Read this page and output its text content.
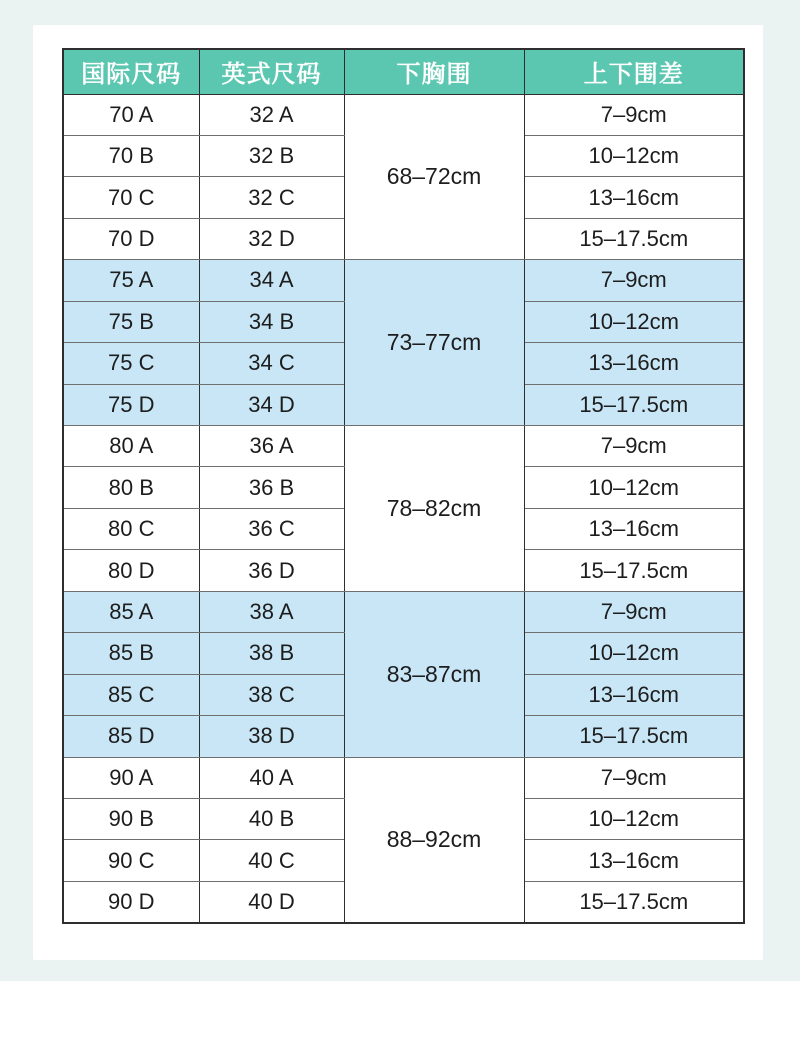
国际尺码	英式尺码	下胸围	上下围差
70 A	32 A	68–72cm	7–9cm
70 B	32 B		10–12cm
70 C	32 C		13–16cm
70 D	32 D		15–17.5cm
75 A	34 A	73–77cm	7–9cm
75 B	34 B		10–12cm
75 C	34 C		13–16cm
75 D	34 D		15–17.5cm
80 A	36 A	78–82cm	7–9cm
80 B	36 B		10–12cm
80 C	36 C		13–16cm
80 D	36 D		15–17.5cm
85 A	38 A	83–87cm	7–9cm
85 B	38 B		10–12cm
85 C	38 C		13–16cm
85 D	38 D		15–17.5cm
90 A	40 A	88–92cm	7–9cm
90 B	40 B		10–12cm
90 C	40 C		13–16cm
90 D	40 D		15–17.5cm
